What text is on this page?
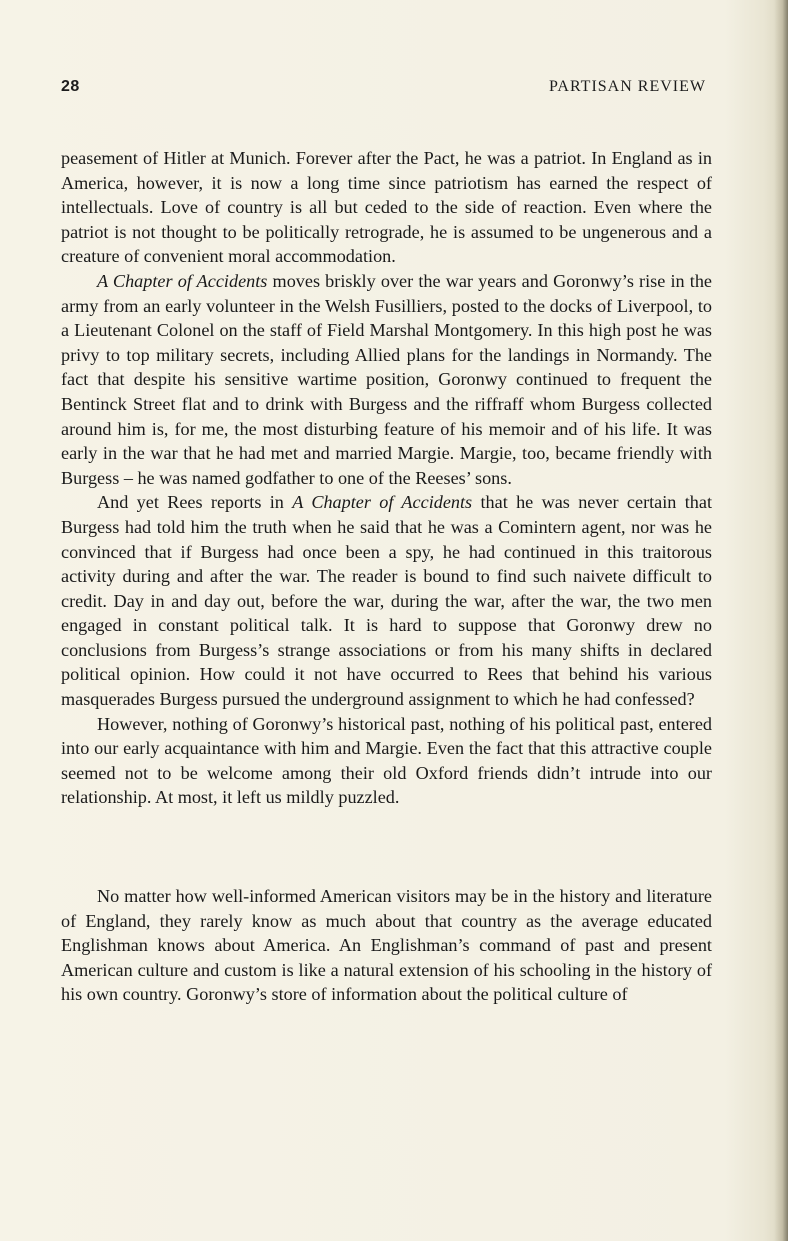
28	PARTISAN REVIEW

peasement of Hitler at Munich. Forever after the Pact, he was a patriot. In England as in America, however, it is now a long time since patriotism has earned the respect of intellectuals. Love of country is all but ceded to the side of reaction. Even where the patriot is not thought to be politically retrograde, he is assumed to be ungenerous and a creature of convenient moral accommodation.

A Chapter of Accidents moves briskly over the war years and Goronwy’s rise in the army from an early volunteer in the Welsh Fusilliers, posted to the docks of Liverpool, to a Lieutenant Colonel on the staff of Field Marshal Montgomery. In this high post he was privy to top military secrets, including Allied plans for the landings in Normandy. The fact that despite his sensitive wartime position, Goronwy continued to frequent the Bentinck Street flat and to drink with Burgess and the riffraff whom Burgess collected around him is, for me, the most disturbing feature of his memoir and of his life. It was early in the war that he had met and married Margie. Margie, too, became friendly with Burgess – he was named godfather to one of the Reeses’ sons.

And yet Rees reports in A Chapter of Accidents that he was never certain that Burgess had told him the truth when he said that he was a Comintern agent, nor was he convinced that if Burgess had once been a spy, he had continued in this traitorous activity during and after the war. The reader is bound to find such naivete difficult to credit. Day in and day out, before the war, during the war, after the war, the two men engaged in constant political talk. It is hard to suppose that Goronwy drew no conclusions from Burgess’s strange associations or from his many shifts in declared political opinion. How could it not have occurred to Rees that behind his various masquerades Burgess pursued the underground assignment to which he had confessed?

However, nothing of Goronwy’s historical past, nothing of his political past, entered into our early acquaintance with him and Margie. Even the fact that this attractive couple seemed not to be welcome among their old Oxford friends didn’t intrude into our relationship. At most, it left us mildly puzzled.

No matter how well-informed American visitors may be in the history and literature of England, they rarely know as much about that country as the average educated Englishman knows about America. An Englishman’s command of past and present American culture and custom is like a natural extension of his schooling in the history of his own country. Goronwy’s store of information about the political culture of
